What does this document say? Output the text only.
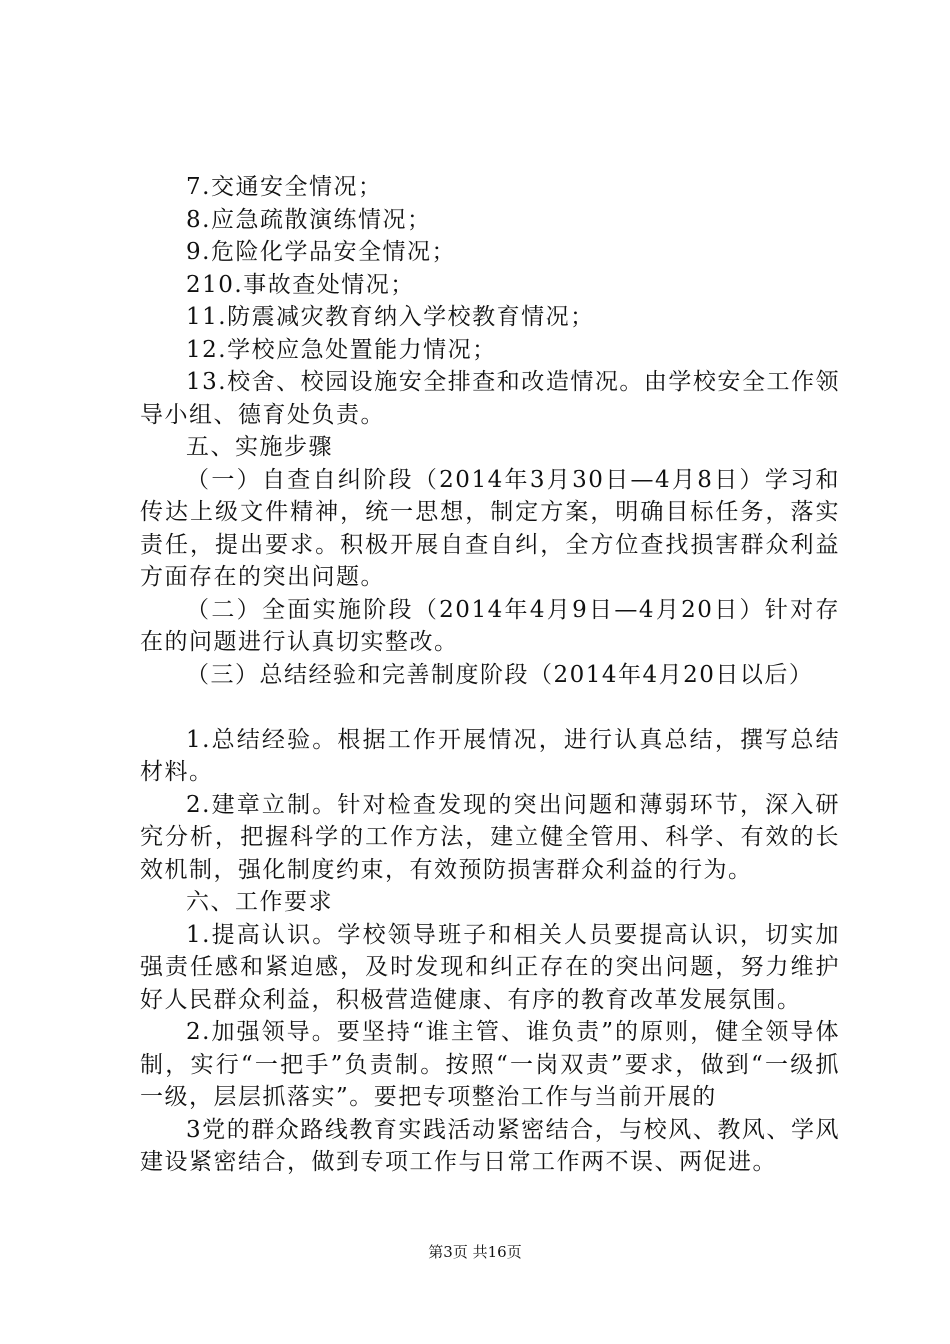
7.交通安全情况；

8.应急疏散演练情况；

9.危险化学品安全情况；

210.事故查处情况；

11.防震减灾教育纳入学校教育情况；

12.学校应急处置能力情况；

13.校舍、校园设施安全排查和改造情况。由学校安全工作领导小组、德育处负责。

五、实施步骤

（一）自查自纠阶段（2014年3月30日—4月8日）学习和传达上级文件精神，统一思想，制定方案，明确目标任务，落实责任，提出要求。积极开展自查自纠，全方位查找损害群众利益方面存在的突出问题。

（二）全面实施阶段（2014年4月9日—4月20日）针对存在的问题进行认真切实整改。

（三）总结经验和完善制度阶段（2014年4月20日以后）

1.总结经验。根据工作开展情况，进行认真总结，撰写总结材料。

2.建章立制。针对检查发现的突出问题和薄弱环节，深入研究分析，把握科学的工作方法，建立健全管用、科学、有效的长效机制，强化制度约束，有效预防损害群众利益的行为。

六、工作要求

1.提高认识。学校领导班子和相关人员要提高认识，切实加强责任感和紧迫感，及时发现和纠正存在的突出问题，努力维护好人民群众利益，积极营造健康、有序的教育改革发展氛围。

2.加强领导。要坚持“谁主管、谁负责”的原则，健全领导体制，实行“一把手”负责制。按照“一岗双责”要求，做到“一级抓一级，层层抓落实”。要把专项整治工作与当前开展的

3党的群众路线教育实践活动紧密结合，与校风、教风、学风建设紧密结合，做到专项工作与日常工作两不误、两促进。

第3页 共16页
